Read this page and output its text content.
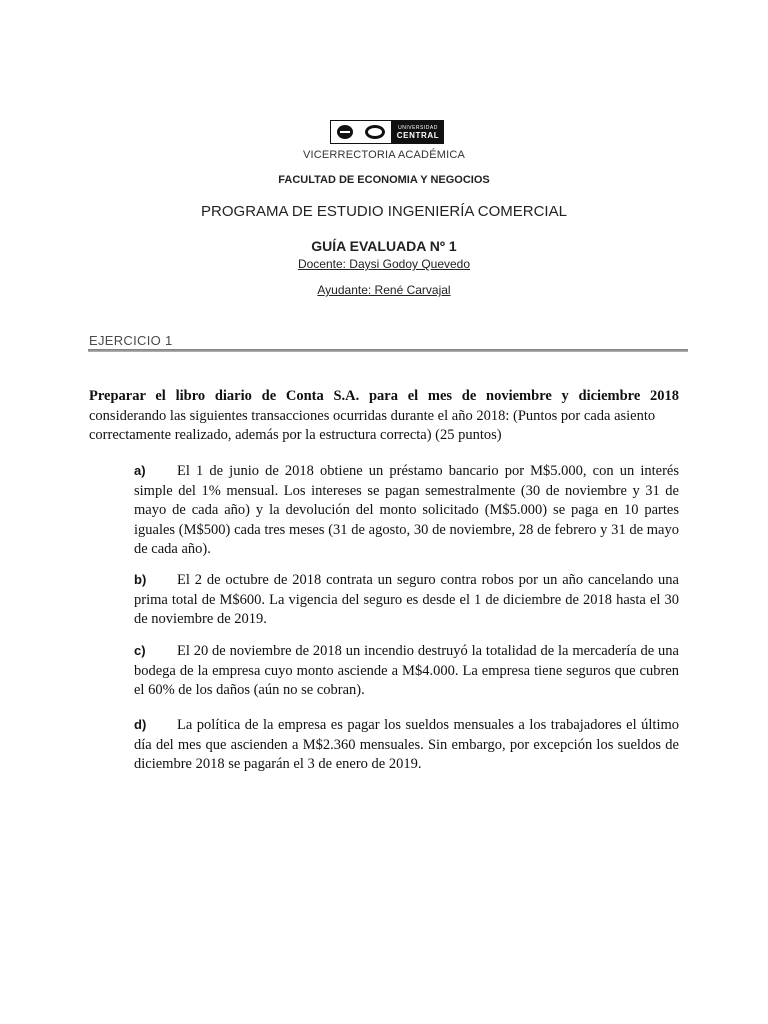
UNIVERSIDAD
CENTRAL
VICERRECTORIA ACADÉMICA
FACULTAD DE ECONOMIA Y NEGOCIOS
PROGRAMA DE ESTUDIO INGENIERÍA COMERCIAL
GUÍA EVALUADA Nº 1
Docente: Daysi Godoy Quevedo
Ayudante: René Carvajal
EJERCICIO 1
Preparar el libro diario de Conta S.A. para el mes de noviembre y diciembre 2018
considerando las siguientes transacciones ocurridas durante el año 2018: (Puntos por cada asiento correctamente realizado, además por la estructura correcta) (25 puntos)
a) El 1 de junio de 2018 obtiene un préstamo bancario por M$5.000, con un interés simple del 1% mensual. Los intereses se pagan semestralmente (30 de noviembre y 31 de mayo de cada año) y la devolución del monto solicitado (M$5.000) se paga en 10 partes iguales (M$500) cada tres meses (31 de agosto, 30 de noviembre, 28 de febrero y 31 de mayo de cada año).
b) El 2 de octubre de 2018 contrata un seguro contra robos por un año cancelando una prima total de M$600. La vigencia del seguro es desde el 1 de diciembre de 2018 hasta el 30 de noviembre de 2019.
c) El 20 de noviembre de 2018 un incendio destruyó la totalidad de la mercadería de una bodega de la empresa cuyo monto asciende a M$4.000. La empresa tiene seguros que cubren el 60% de los daños (aún no se cobran).
d) La política de la empresa es pagar los sueldos mensuales a los trabajadores el último día del mes que ascienden a M$2.360 mensuales. Sin embargo, por excepción los sueldos de diciembre 2018 se pagarán el 3 de enero de 2019.
